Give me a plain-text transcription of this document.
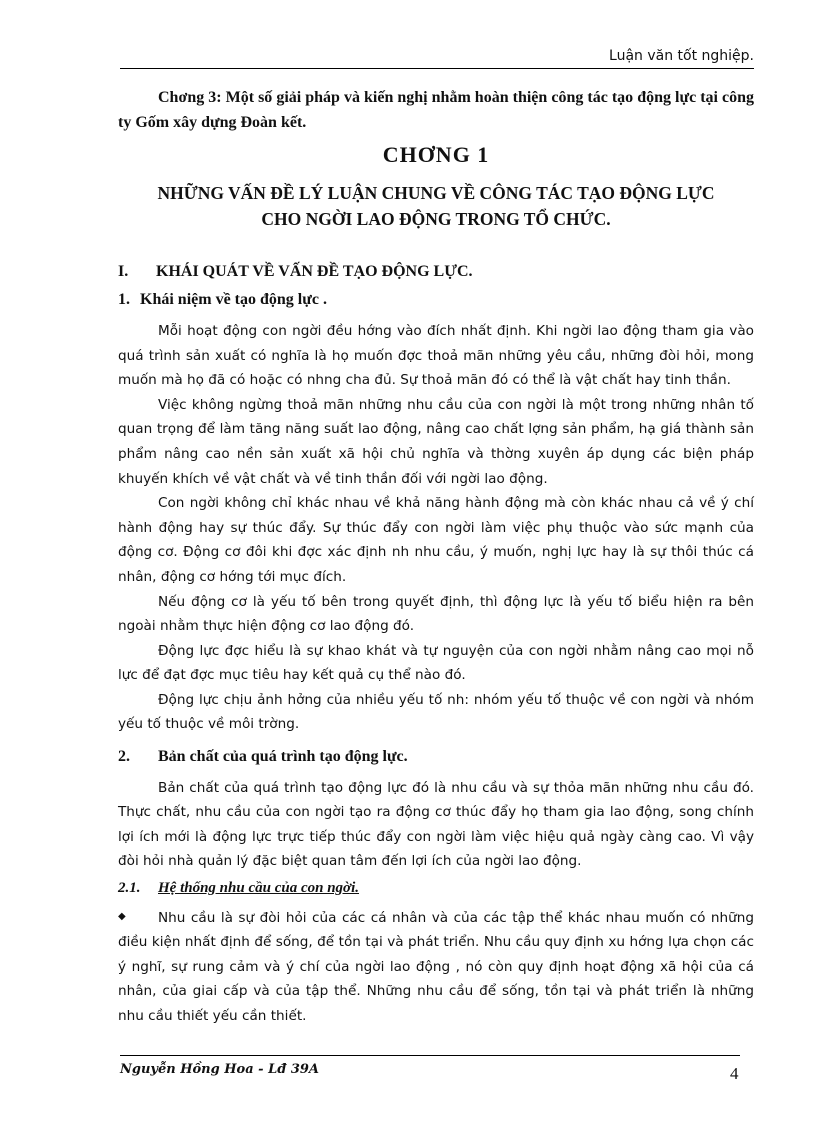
Luận văn tốt nghiệp.

Chơng 3: Một số giải pháp và kiến nghị nhằm hoàn thiện công tác tạo động lực tại công ty Gốm xây dựng Đoàn kết.

CHƠNG 1
NHỮNG VẤN ĐỀ LÝ LUẬN CHUNG VỀ CÔNG TÁC TẠO ĐỘNG LỰC
CHO NGỜI LAO ĐỘNG TRONG TỔ CHỨC.
I. KHÁI QUÁT VỀ VẤN ĐỀ TẠO ĐỘNG LỰC.
1. Khái niệm về tạo động lực .

Mỗi hoạt động con ngời đều hớng vào đích nhất định. Khi ngời lao động tham gia vào quá trình sản xuất có nghĩa là họ muốn đợc thoả mãn những yêu cầu, những đòi hỏi, mong muốn mà họ đã có hoặc có nhng cha đủ. Sự thoả mãn đó có thể là vật chất hay tinh thần.

Việc không ngừng thoả mãn những nhu cầu của con ngời là một trong những nhân tố quan trọng để làm tăng năng suất lao động, nâng cao chất lợng sản phẩm, hạ giá thành sản phẩm nâng cao nền sản xuất xã hội chủ nghĩa và thờng xuyên áp dụng các biện pháp khuyến khích về vật chất và về tinh thần đối với ngời lao động.

Con ngời không chỉ khác nhau về khả năng hành động mà còn khác nhau cả về ý chí hành động hay sự thúc đẩy. Sự thúc đẩy con ngời làm việc phụ thuộc vào sức mạnh của động cơ. Động cơ đôi khi đợc xác định nh nhu cầu, ý muốn, nghị lực hay là sự thôi thúc cá nhân, động cơ hớng tới mục đích.

Nếu động cơ là yếu tố bên trong quyết định, thì động lực là yếu tố biểu hiện ra bên ngoài nhằm thực hiện động cơ lao động đó.

Động lực đợc hiểu là sự khao khát và tự nguyện của con ngời nhằm nâng cao mọi nỗ lực để đạt đợc mục tiêu hay kết quả cụ thể nào đó.

Động lực chịu ảnh hởng của nhiều yếu tố nh: nhóm yếu tố thuộc về con ngời và nhóm yếu tố thuộc về môi trờng.

2. Bản chất của quá trình tạo động lực.

Bản chất của quá trình tạo động lực đó là nhu cầu và sự thỏa mãn những nhu cầu đó. Thực chất, nhu cầu của con ngời tạo ra động cơ thúc đẩy họ tham gia lao động, song chính lợi ích mới là động lực trực tiếp thúc đẩy con ngời làm việc hiệu quả ngày càng cao. Vì vậy đòi hỏi nhà quản lý đặc biệt quan tâm đến lợi ích của ngời lao động.

2.1. Hệ thống nhu cầu của con ngời.

◆ Nhu cầu là sự đòi hỏi của các cá nhân và của các tập thể khác nhau muốn có những điều kiện nhất định để sống, để tồn tại và phát triển. Nhu cầu quy định xu hớng lựa chọn các ý nghĩ, sự rung cảm và ý chí của ngời lao động , nó còn quy định hoạt động xã hội của cá nhân, của giai cấp và của tập thể. Những nhu cầu để sống, tồn tại và phát triển là những nhu cầu thiết yếu cần thiết.

Nguyễn Hồng Hoa - Lđ 39A	4
